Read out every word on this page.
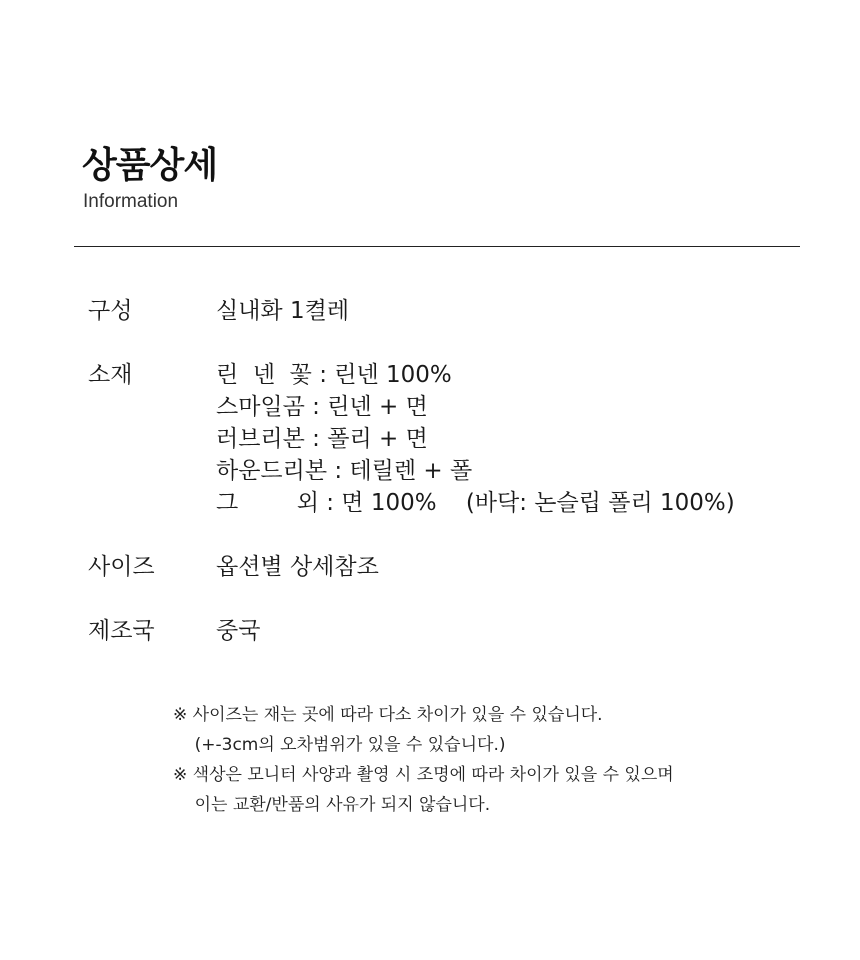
상품상세
Information
구성	실내화 1켤레
소재	린  넨  꽃 : 린넨 100%
스마일곰 : 린넨 + 면
러브리본 : 폴리 + 면
하운드리본 : 테릴렌 + 폴
그        외 : 면 100%    (바닥: 논슬립 폴리 100%)
사이즈	옵션별 상세참조
제조국	중국
※ 사이즈는 재는 곳에 따라 다소 차이가 있을 수 있습니다.
(+-3cm의 오차범위가 있을 수 있습니다.)
※ 색상은 모니터 사양과 촬영 시 조명에 따라 차이가 있을 수 있으며
이는 교환/반품의 사유가 되지 않습니다.
